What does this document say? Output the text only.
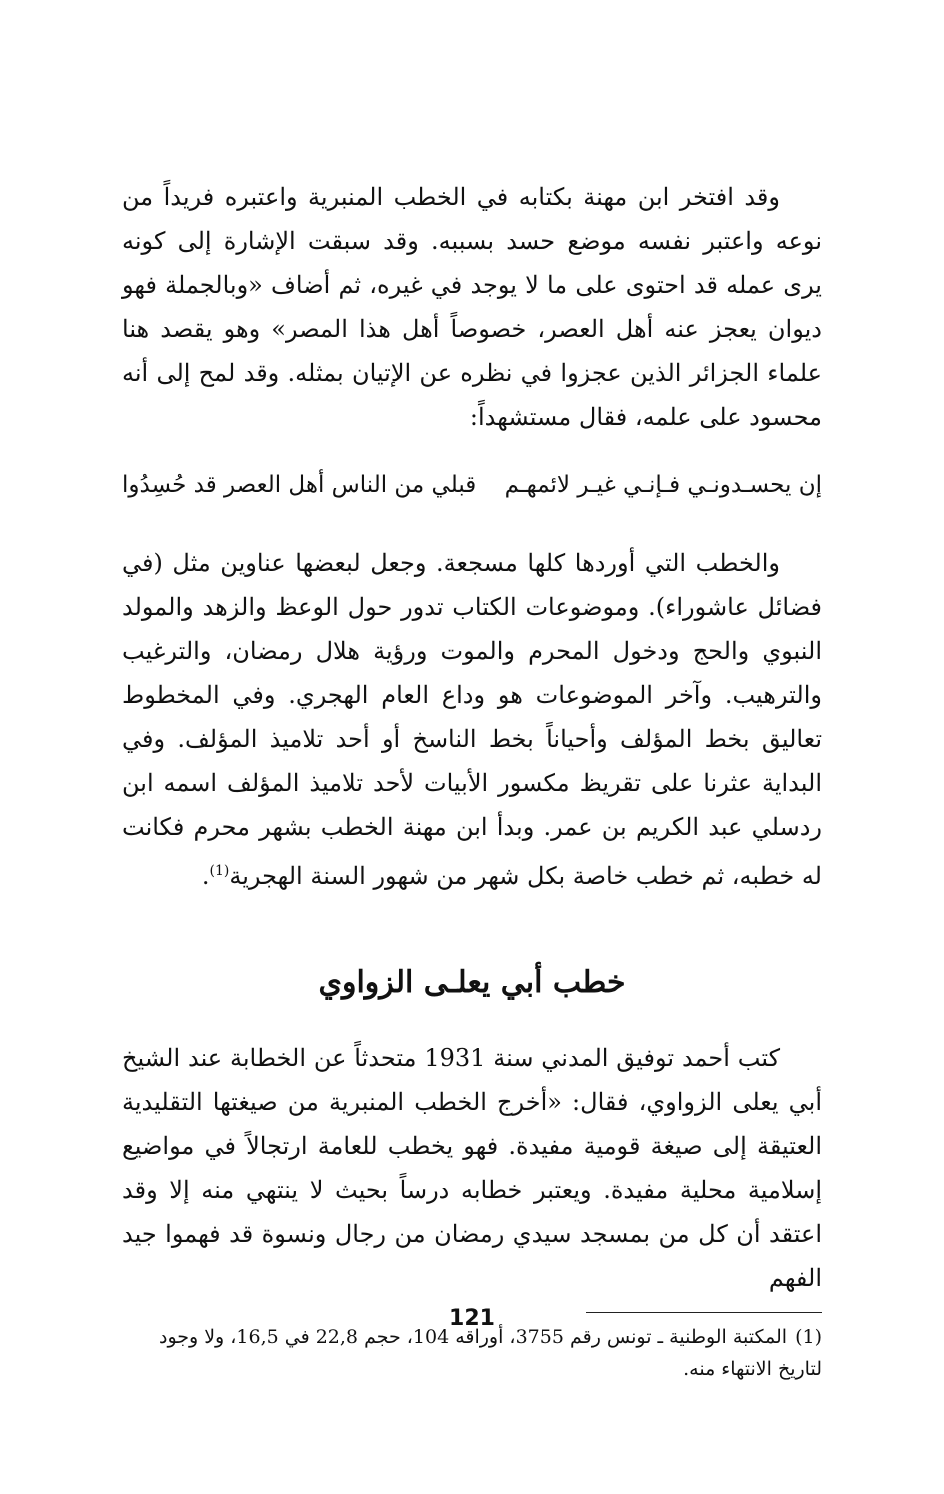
وقد افتخر ابن مهنة بكتابه في الخطب المنبرية واعتبره فريداً من نوعه واعتبر نفسه موضع حسد بسببه. وقد سبقت الإشارة إلى كونه يرى عمله قد احتوى على ما لا يوجد في غيره، ثم أضاف «وبالجملة فهو ديوان يعجز عنه أهل العصر، خصوصاً أهل هذا المصر» وهو يقصد هنا علماء الجزائر الذين عجزوا في نظره عن الإتيان بمثله. وقد لمح إلى أنه محسود على علمه، فقال مستشهداً:

إن يحسـدونـي فـإنـي غيـر لائمهـم
قبلي من الناس أهل العصر قد حُسِدُوا

والخطب التي أوردها كلها مسجعة. وجعل لبعضها عناوين مثل (في فضائل عاشوراء). وموضوعات الكتاب تدور حول الوعظ والزهد والمولد النبوي والحج ودخول المحرم والموت ورؤية هلال رمضان، والترغيب والترهيب. وآخر الموضوعات هو وداع العام الهجري. وفي المخطوط تعاليق بخط المؤلف وأحياناً بخط الناسخ أو أحد تلاميذ المؤلف. وفي البداية عثرنا على تقريظ مكسور الأبيات لأحد تلاميذ المؤلف اسمه ابن ردسلي عبد الكريم بن عمر. وبدأ ابن مهنة الخطب بشهر محرم فكانت له خطبه، ثم خطب خاصة بكل شهر من شهور السنة الهجرية$^{(1)}$.

خطب أبي يعلـى الزواوي

كتب أحمد توفيق المدني سنة 1931 متحدثاً عن الخطابة عند الشيخ أبي يعلى الزواوي، فقال: «أخرج الخطب المنبرية من صيغتها التقليدية العتيقة إلى صيغة قومية مفيدة. فهو يخطب للعامة ارتجالاً في مواضيع إسلامية محلية مفيدة. ويعتبر خطابه درساً بحيث لا ينتهي منه إلا وقد اعتقد أن كل من بمسجد سيدي رمضان من رجال ونسوة قد فهموا جيد الفهم

(1)المكتبة الوطنية ـ تونس رقم 3755، أوراقه 104، حجم 22,8 في 16,5، ولا وجود لتاريخ الانتهاء منه.
121
